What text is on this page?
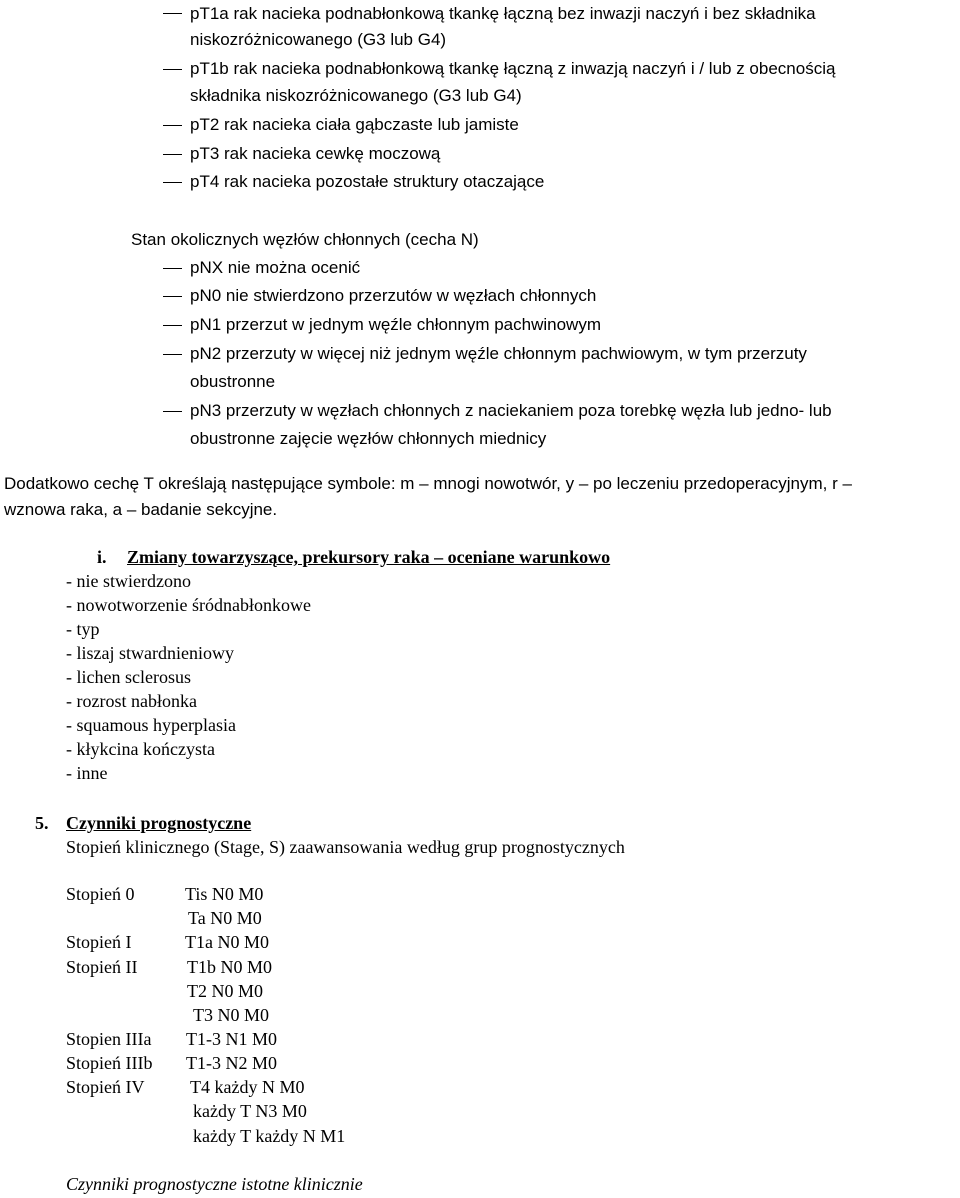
pT1a rak nacieka podnabłonkową tkankę łączną bez inwazji naczyń i bez składnika
niskozróżnicowanego (G3 lub G4)
pT1b rak nacieka podnabłonkową tkankę łączną z inwazją naczyń i / lub z obecnością
składnika niskozróżnicowanego (G3 lub G4)
pT2 rak nacieka ciała gąbczaste lub jamiste
pT3 rak nacieka cewkę moczową
pT4 rak nacieka pozostałe struktury otaczające
Stan okolicznych węzłów chłonnych (cecha N)
pNX nie można ocenić
pN0 nie stwierdzono przerzutów w węzłach chłonnych
pN1 przerzut w jednym węźle chłonnym pachwinowym
pN2 przerzuty w więcej niż jednym węźle chłonnym pachwiowym, w tym przerzuty
obustronne
pN3 przerzuty w węzłach chłonnych z naciekaniem poza torebkę węzła lub jedno- lub
obustronne zajęcie węzłów chłonnych miednicy
Dodatkowo cechę T określają następujące symbole: m – mnogi nowotwór, y – po leczeniu przedoperacyjnym, r –
wznowa raka, a – badanie sekcyjne.
i. Zmiany towarzyszące, prekursory raka – oceniane warunkowo
- nie stwierdzono
- nowotworzenie śródnabłonkowe
- typ
- liszaj stwardnieniowy
- lichen sclerosus
- rozrost nabłonka
- squamous hyperplasia
- kłykcina kończysta
- inne
5. Czynniki prognostyczne
Stopień klinicznego (Stage, S) zaawansowania według grup prognostycznych
Stopień 0	Tis N0 M0
Ta N0 M0
Stopień I	T1a N0 M0
Stopień II	T1b N0 M0
T2 N0 M0
T3 N0 M0
Stopien IIIa T1-3 N1 M0
Stopień IIIb T1-3 N2 M0
Stopień IV	T4 każdy N M0
każdy T N3 M0
każdy T każdy N M1
Czynniki prognostyczne istotne klinicznie
